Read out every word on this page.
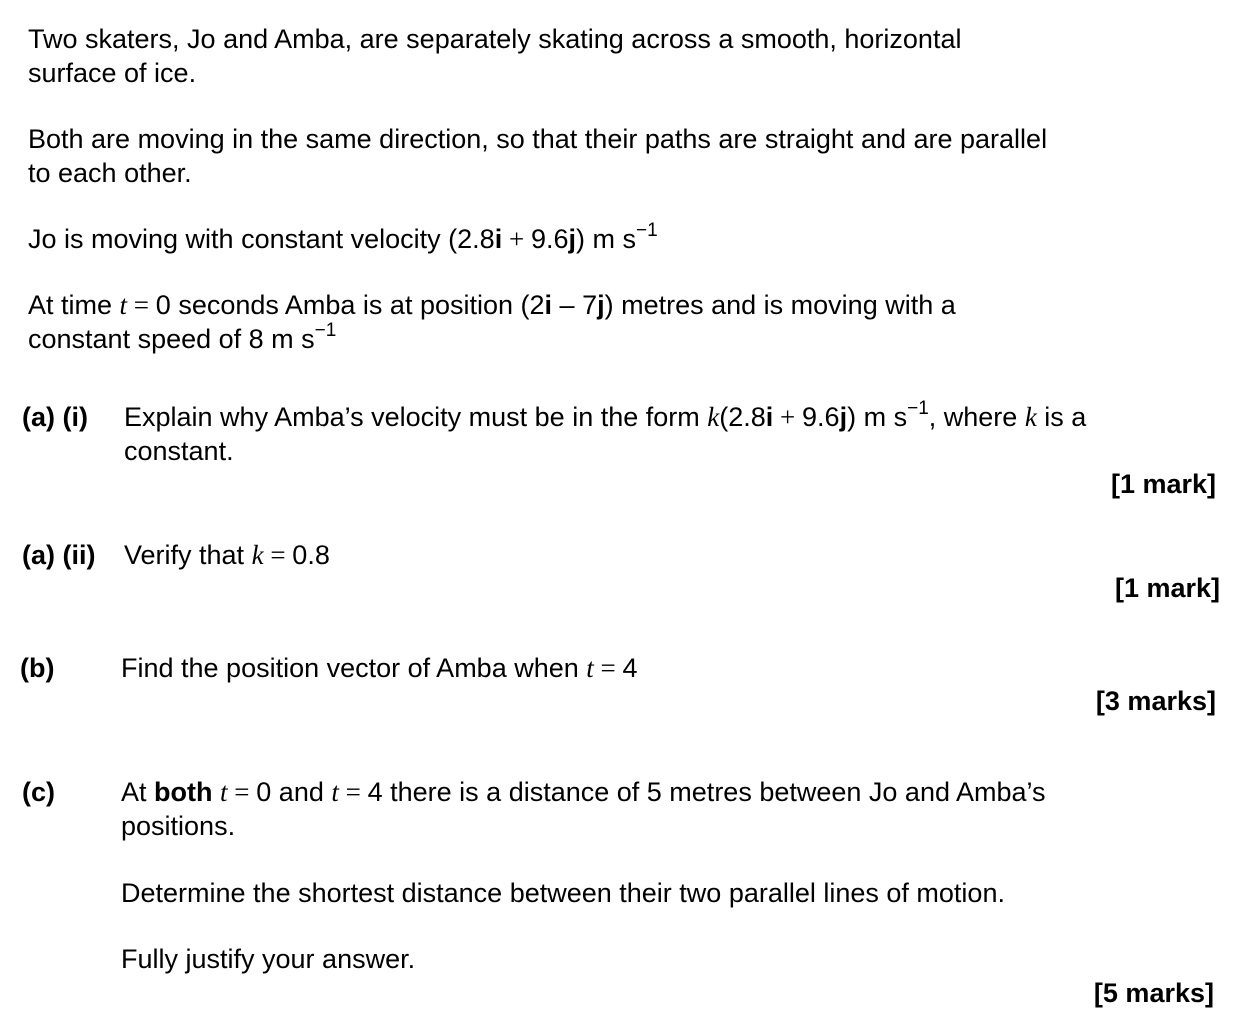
Two skaters, Jo and Amba, are separately skating across a smooth, horizontal
surface of ice.

Both are moving in the same direction, so that their paths are straight and are parallel
to each other.

Jo is moving with constant velocity (2.8i + 9.6j) m $s^{-1}$

At time t = 0 seconds Amba is at position (2i – 7j) metres and is moving with a
constant speed of 8 m $s^{-1}$

(a) (i) Explain why Amba’s velocity must be in the form k(2.8i + 9.6j) m $s^{-1}$, where k is a
constant.

[1 mark]
(a) (ii) Verify that k = 0.8

[1 mark]
(b) Find the position vector of Amba when t = 4

[3 marks]
(c) At both t = 0 and t = 4 there is a distance of 5 metres between Jo and Amba’s
positions.

Determine the shortest distance between their two parallel lines of motion.

Fully justify your answer.

[5 marks]
